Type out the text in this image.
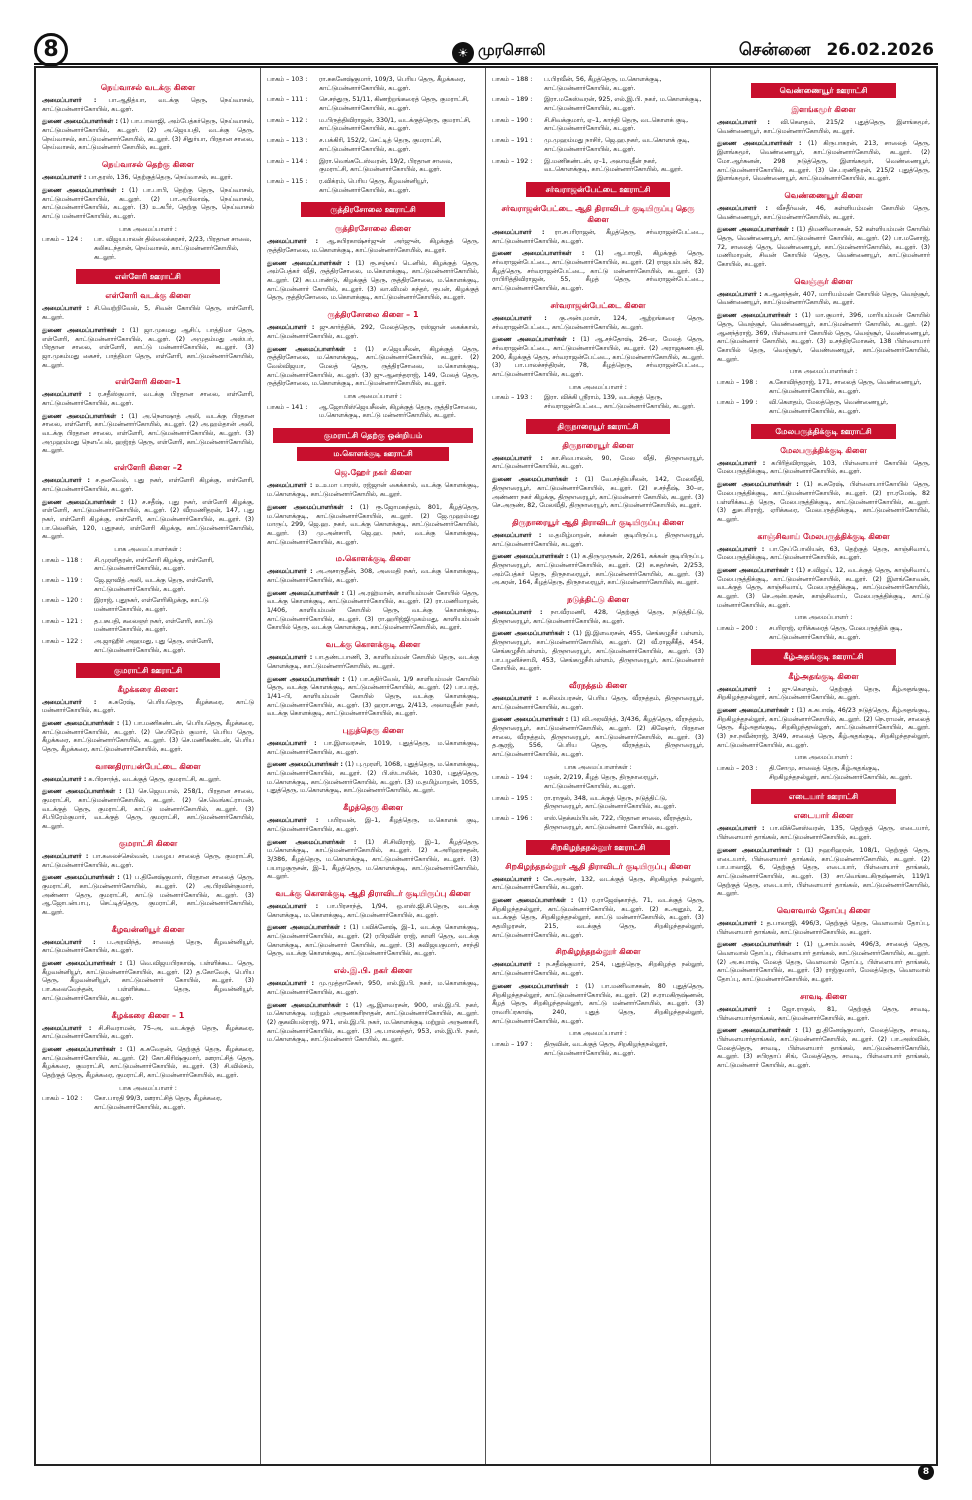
8	☀ முரசொலி	சென்னை 26.02.2026
நெய்வாசல் வடக்கு கிளை
அமைப்பாளர் : பா.ஆதித்யா, வடக்கு தெரு, நெய்வாசல், காட்டுமன்னார்கோயில், கடலூர்.
துணை அமைப்பாளர்கள் : (1) பா.பாலாஜி, அம்பேத்கர்தெரு, நெய்வாசல், காட்டுமன்னார்கோயில், கடலூர். (2) அ.ஜெயபதி, வடக்கு தெரு, நெய்வாசல், காட்டுமன்னார்கோயில், கடலூர். (3) சிதுர்யா, பிரதான சாலை, நெய்வாசல், காட்டுமன்னார் கோயில், கடலூர்.
நெய்வாசல் தெற்கு கிளை
அமைப்பாளர் : பா.தரஸ், 136, தெற்குத்தெரு, நெய்வாசல், கடலூர்.
துணை அமைப்பாளர்கள் : (1) பா.பாபி, தெற்கு தெரு, நெய்வாசல், காட்டுமன்னார்கோயில், கடலூர். (2) பா.அபிலாஷ், நெய்வாசல், காட்டுமன்னார்கோயில், கடலூர். (3) உ.கபீர், தெற்கு தெரு, நெய்வாசல் காட்டு மன்னார்கோயில், கடலூர்.
பாக அமைப்பாளர் :
பாகம் – 124 :	பா. விஜயபாலன் தில்லைக்கரசர், 2/23, பிரதான சாலை, கலிகடந்தான், நெய்வாசல், காட்டுமன்னார்கோயில், கடலூர்.
எள்ளேரி ஊராட்சி
எள்ளேரி வடக்கு கிளை
அமைப்பாளர் : சி.வெற்றிவேல், 5, சிவன் கோயில் தெரு, எள்ளேரி, கடலூர்.
துணை அமைப்பாளர்கள் : (1) ஜா.முகமது ஆசிப், பாத்திமா தெரு, எள்ளேரி, காட்டுமன்னார்கோயில், கடலூர். (2) அமுதம்மது அஸ்பர், பிரதான சாலை, எள்ளேரி, காட்டு மன்னார்கோயில், கடலூர். (3) ஜா.முகம்மது கைசர், பாத்திமா தெரு, எள்ளேரி, காட்டுமன்னார்கோயில், கடலூர்.
எள்ளேரி கிளை–1
அமைப்பாளர் : ர.சதீஸ்குமார், வடக்கு பிரதான சாலை, எள்ளேரி, காட்டுமன்னார்கோயில், கடலூர்.
துணை அமைப்பாளர்கள் : (1) அ.நௌஷாத் அலி, வடக்கு பிரதான சாலை, எள்ளேரி, காட்டுமன்னார்கோயில், கடலூர். (2) அ.ஹம்தான் அலி, வடக்கு பிரதான சாலை, எள்ளேரி, காட்டுமன்னார்கோயில், கடலூர். (3) அமுஹம்மது நௌஃபல், ஹஜ்ரத் தெரு, எள்ளேரி, காட்டுமன்னார்கோயில், கடலூர்.
எள்ளேரி கிளை –2
அமைப்பாளர் : ச.தனவேல், புது நகர், எள்ளேரி கிழக்கு, எள்ளேரி, காட்டுமன்னார்கோயில், கடலூர்.
துணை அமைப்பாளர்கள் : (1) ச.சதீஷ், புது நகர், எள்ளேரி கிழக்கு, எள்ளேரி, காட்டுமன்னார்கோயில், கடலூர். (2) வீரமணிதரன், 147, புது நகர், எள்ளேரி கிழக்கு, எள்ளேரி, காட்டுமன்னார்கோயில், கடலூர். (3) பா.லெனின், 120, புதுநகர், எள்ளேரி கிழக்கு, காட்டுமன்னார்கோயில், கடலூர்.
பாக அமைப்பாளர்கள் :
பாகம் – 118 :	சி.முரளிதரன், எள்ளேரி கிழக்கு, எள்ளேரி, காட்டுமன்னார்கோயில், கடலூர்.
பாகம் – 119 :	ஜே.ஜாவித் அலி, வடக்கு தெரு, எள்ளேரி, காட்டுமன்னார்கோயில், கடலூர்.
பாகம் – 120 :	இராஜ், புதுநகர், எள்ளேரிகிழக்கு, காட்டு மன்னார்கோயில், கடலூர்.
பாகம் – 121 :	த.பசுபதி, கலைஞர் நகர், எள்ளேரி, காட்டு மன்னார்கோயில், கடலூர்.
பாகம் – 122 :	அ.ஜாஹிர் அஹமது, புது தெரு, எள்ளேரி, காட்டுமன்னார்கோயில், கடலூர்.
குமராட்சி ஊராட்சி
கீழக்கரை கிளை:
அமைப்பாளர் : க.சுரேஷ், பெரியதெரு, கீழக்கரை, காட்டு மன்னார்கோயில், கடலூர்.
துணை அமைப்பாளர்கள் : (1) பா.மணிகண்டன், பெரியதெரு, கீழக்கரை, காட்டுமன்னார்கோயில், கடலூர். (2) செ.பிரேம் குமார், பெரிய தெரு, கீழக்கரை, காட்டுமன்னார்கோயில், கடலூர். (3) செ.மணிகண்டன், பெரிய தெரு, கீழக்கரை, காட்டுமன்னார்கோயில், கடலூர்.
வானதிராயன்பேட்டை கிளை
அமைப்பாளர் : க.பிரசாந்த், வடக்குத் தெரு, குமராட்சி, கடலூர்.
துணை அமைப்பாளர்கள் : (1) செ.ஜெயபால், 258/1, பிரதான சாலை, குமராட்சி, காட்டுமன்னார்கோயில், கடலூர். (2) செ.வெங்கட்ராமன், வடக்குத் தெரு, குமராட்சி, காட்டு மன்னார்கோயில், கடலூர். (3) சி.பிரேம்குமார், வடக்குத் தெரு, குமராட்சி, காட்டுமன்னார்கோயில், கடலூர்.
குமராட்சி கிளை
அமைப்பாளர் : பா.கலைச்செல்வன், பழைய சாலைத் தெரு, குமராட்சி, காட்டுமன்னார்கோயில், கடலூர்.
துணை அமைப்பாளர்கள் : (1) ப.தினேஷ்குமார், பிரதான சாலைத் தெரு, குமராட்சி, காட்டுமன்னார்கோயில், கடலூர். (2) அ.பிரவின்குமார், அண்ணா தெரு, குமராட்சி, காட்டு மன்னார்கோயில், கடலூர். (3) ஆ.ஜோபன்பாபு, செட்டித்தெரு, குமராட்சி, காட்டுமன்னார்கோயில், கடலூர்.
கீழவன்னியூர் கிளை
அமைப்பாளர் : ப.அரவிந்த், சாலைத் தெரு, கீழவன்னியூர், காட்டுமன்னார்கோயில், கடலூர்.
துணை அமைப்பாளர்கள் : (1) வெ.விஜயபிரகாஷ், பள்ளிக்கூட தெரு, கீழவன்னியூர், காட்டுமன்னார்கோயில், கடலூர். (2) த.கோவேந், பெரிய தெரு, கீழவன்னியூர், காட்டுமன்னார் கோயில், கடலூர். (3) பா.கலைவேந்தன், பள்ளிக்கூட தெரு, கீழவன்னியூர், காட்டுமன்னார்கோயில், கடலூர்.
கீழக்கரை கிளை – 1
அமைப்பாளர் : சி.சிவராமன், 75–அ, வடக்குத் தெரு, கீழக்கரை, காட்டுமன்னார்கோயில், கடலூர்.
துணை அமைப்பாளர்கள் : (1) க.சுவேதன், தெற்குத் தெரு, கீழக்கரை, காட்டுமன்னார்கோயில், கடலூர். (2) கோ.கிரிஷ்குமார், ஊராட்சித் தெரு, கீழக்கரை, குமராட்சி, காட்டுமன்னார்கோயில், கடலூர். (3) சி.வில்சம், தெற்குத் தெரு, கீழக்கரை, குமராட்சி, காட்டுமன்னார்கோயில், கடலூர்.
பாக அமைப்பாளர் :
பாகம் – 102 :	கோ.பாரதி 99/3, ஊராட்சித் தெரு, கீழக்கரை, காட்டுமன்னார்கோயில், கடலூர்.
பாகம் – 103 :	ரா.சுகனேஷ்குமார், 109/3, பெரிய தெரு, கீழக்கரை, காட்டுமன்னார்கோயில், கடலூர்.
பாகம் – 111 :	செ.சந்துரு, 51/11, கிணற்றங்கரைத் தெரு, குமராட்சி, காட்டுமன்னார்கோயில், கடலூர்.
பாகம் – 112 :	ம.பிருத்திவிராஜன், 330/1, வடக்குத்தெரு, குமராட்சி, காட்டுமன்னார்கோயில், கடலூர்.
பாகம் – 113 :	ச.பக்கிரி, 152/2, செட்டித் தெரு, குமராட்சி, காட்டுமன்னார்கோயில், கடலூர்.
பாகம் – 114 :	இரா.வெங்கடேஸ்வரன், 19/2, பிரதான சாலை, குமராட்சி, காட்டுமன்னார்கோயில், கடலூர்.
பாகம் – 115 :	ர.விக்ரம், பெரிய தெரு, கீழவன்னியூர், காட்டுமன்னார்கோயில், கடலூர்.
ருத்திரசோலை ஊராட்சி
ருத்திரசோலை கிளை
அமைப்பாளர் : ஆ.சுபிரகாஷ்சர்ஜுன் அர்ஜுன், கிழக்குத் தெரு, ருத்திரசோலை, ம.கொளக்குடி, காட்டுமன்னார்கோயில், கடலூர்.
துணை அமைப்பாளர்கள் : (1) ரூ.சஞ்சய் டெனில், கிழக்குத் தெரு, அம்பேத்கர் வீதி, ருத்திரசோலை, ம.கொளக்குடி, காட்டுமன்னார்கோயில், கடலூர். (2) சுப.பாண்டு, கிழக்குத் தெரு, ருத்திரசோலை, ம.கொளக்குடி, காட்டுமன்னார் கோயில், கடலூர். (3) லா.விமல் சுந்தர், ரூபன், கிழக்குத் தெரு, ருத்திரசோலை, ம.கொளக்குடி, காட்டுமன்னார்கோயில், கடலூர்.
ருத்திரசோலை கிளை – 1
அமைப்பாளர் : ஜு.கார்த்திக், 292, மேலத்தெரு, ரஸ்ஜான் கைக்கால், காட்டுமன்னார்கோயில், கடலூர்.
துணை அமைப்பாளர்கள் : (1) ச.ஜெயசீலன், கிழக்குத் தெரு, ருத்திரசோலை, ம.கொளக்குடி, காட்டுமன்னார்கோயில், கடலூர். (2) வேல்விஜயா, மேலத் தெரு, ருத்திரசோலை, ம.கொளக்குடி, காட்டுமன்னார்கோயில், கடலூர். (3) ஜு.ஆனந்தராஜ், 149, மேலத் தெரு, ருத்திரசோலை, ம.கொளக்குடி, காட்டுமன்னார்கோயில், கடலூர்.
பாக அமைப்பாளர் :
பாகம் – 141 :	ஆ.ஜோயிஸ்ஜெயசீலன், கிழக்குத் தெரு, ருத்திரசோலை, ம.கொளக்குடி, காட்டு மன்னார்கோயில், கடலூர்.
குமராட்சி தெற்கு ஒன்றியம்
ம.கொளக்குடி ஊராட்சி
ஜெ.ஹேர் நகர் கிளை
அமைப்பாளர் : உ.உமா பாரஸ், ரஜ்ஜான் கைக்கால், வடக்கு கொளக்குடி, ம.கொளக்குடி, காட்டுமன்னார்கோயில், கடலூர்.
துணை அமைப்பாளர்கள் : (1) ரூ.ஜோமகந்தம், 801, கீழத்தெரு, ம.கொளக்குடி, காட்டுமன்னார்கோயில், கடலூர். (2) ஜே.முஹம்மது மாருப், 299, ஜெ.ஹ. நகர், வடக்கு கொளக்குடி, காட்டுமன்னார்கோயில், கடலூர். (3) மு.அன்சாரி, ஜெ.ஹ. நகர், வடக்கு கொளக்குடி, காட்டுமன்னார்கோயில், கடலூர்.
ம.கொளக்குடி கிளை
அமைப்பாளர் : அ.அசாருதீன், 308, அமைதி நகர், வடக்கு கொளக்குடி, காட்டுமன்னார்கோயில், கடலூர்.
துணை அமைப்பாளர்கள் : (1) அ.ரஹ்மான், காளியம்மன் கோயில் தெரு, வடக்கு கொளக்குடி, காட்டுமன்னார்கோயில், கடலூர். (2) ரா.மணிமாறன், 1/406, காளியம்மன் கோயில் தெரு, வடக்கு கொளக்குடி, காட்டுமன்னார்கோயில், கடலூர். (3) ரா.ஹரிஜ்ஜிமுகம்மது, காளியம்மன் கோயில் தெரு, வடக்கு கொளக்குடி, காட்டுமன்னார்கோயில், கடலூர்.
வடக்கு கொளக்குடி கிளை
அமைப்பாளர் : பா.தண்டபாணி, 3, காளியம்மன் கோயில் தெரு, வடக்கு கொளக்குடி, காட்டுமன்னார்கோயில், கடலூர்.
துணை அமைப்பாளர்கள் : (1) பா.கதிர்வேல், 1/9 காளியம்மன் கோயில் தெரு, வடக்கு கொளக்குடி, காட்டுமன்னார்கோயில், கடலூர். (2) பா.பரத், 1/41–பி, காளியம்மன் கோயில் தெரு, வடக்கு கொளக்குடி, காட்டுமன்னார்கோயில், கடலூர். (3) ஹரா.சாது, 2/413, அலாவுதீன் நகர், வடக்கு கொளக்குடி, காட்டுமன்னார்கோயில், கடலூர்.
புதுத்தெரு கிளை
அமைப்பாளர் : பா.இளவரசன், 1019, புதுத்தெரு, ம.கொளக்குடி, காட்டுமன்னார்கோயில், கடலூர்.
துணை அமைப்பாளர்கள் : (1) பு.முரளி, 1068, புதுத்தெரு, ம.கொளக்குடி, காட்டுமன்னார்கோயில், கடலூர். (2) பி.ஸ்டாலின், 1030, புதுத்தெரு, ம.கொளக்குடி, காட்டுமன்னார்கோயில், கடலூர். (3) ம.தமிழ்மாறன், 1055, புதுத்தெரு, ம.கொளக்குடி, காட்டுமன்னார்கோயில், கடலூர்.
கீழத்தெரு கிளை
அமைப்பாளர் : பயிரவன், இ–1, கீழத்தெரு, ம.கொளக் குடி, காட்டுமன்னார்கோயில், கடலூர்.
துணை அமைப்பாளர்கள் : (1) சி.சிவிராஜ், இ–1, கீழத்தெரு, ம.கொளக்குடி, காட்டுமன்னார்கோயில், கடலூர். (2) க.அரிஹரசுதன், 3/386, கீழத்தெரு, ம.கொளக்குடி, காட்டுமன்னார்கோயில், கடலூர். (3) பயாழகுருசன், இ–1, கீழத்தெரு, ம.கொளக்குடி, காட்டுமன்னார்கோயில், கடலூர்.
வடக்கு கொளக்குடி ஆதி திராவிடர் குடியிருப்பு கிளை
அமைப்பாளர் : பா.பிரசாந்த், 1/94, ஒ.எஸ்.ஜி.சி.தெரு, வடக்கு கொளக்குடி, ம.கொளக்குடி, காட்டுமன்னார்கோயில், கடலூர்.
துணை அமைப்பாளர்கள் : (1) பவிக்னேஷ், இ–1, வடக்கு கொளக்குடி, காட்டுமன்னார்கோயில், கடலூர். (2) ரபிரவின் ராஜ், காளி தெரு, வடக்கு கொளக்குடி, காட்டுமன்னார் கோயில், கடலூர். (3) கவிஜயகுமார், சாந்தி தெரு, வடக்கு கொளக்குடி, காட்டுமன்னார்கோயில், கடலூர்.
எல்.இ.பி. நகர் கிளை
அமைப்பாளர் : மு.முத்தாசேகர், 950, எல்.இ.பி. நகர், ம.கொளக்குடி, காட்டுமன்னார்கோயில், கடலூர்.
துணை அமைப்பாளர்கள் : (1) ஆ.இளவரசன், 900, எல்.இ.பி. நகர், ம.கொளக்குடி மற்றும் அருணகரிநாதன், காட்டுமன்னார்கோயில், கடலூர். (2) குகவியல்ராஜ், 971, எல்.இ.பி. நகர், ம.கொளக்குடி மற்றும் அருணகரி, காட்டுமன்னார்கோயில், கடலூர். (3) அ.பாலசுந்தர், 953, எல்.இ.பி. நகர், ம.கொளக்குடி, காட்டுமன்னார் கோயில், கடலூர்.
பாகம் – 188 :	ப.பிரவீன், 56, கீழத்தெரு, ம.கொளக்குடி, காட்டுமன்னார்கோயில், கடலூர்.
பாகம் – 189 :	இரா.மகேஸ்வரன், 925, எல்.இ.பி. நகர், ம.கொளக்குடி, காட்டுமன்னார்கோயில், கடலூர்.
பாகம் – 190 :	சி.சிவக்குமார், ஏ–1, காந்தி தெரு, வடகொளக் குடி, காட்டுமன்னார்கோயில், கடலூர்.
பாகம் – 191 :	மு.முஹம்மது நாசிர், ஜெ.ஹ.நகர், வடகொளக் குடி, காட்டுமன்னார்கோயில், கடலூர்.
பாகம் – 192 :	இ.மணிகண்டன், ஏ–1, அலாவுதீன் நகர், வடகொளக்குடி, காட்டுமன்னார்கோயில், கடலூர்.
சர்வராஜன்பேட்டை ஊராட்சி
சர்வராஜன்பேட்டை ஆதி திராவிடர் குடியிருப்பு தெரு கிளை
அமைப்பாளர் : ரா.சபரிராஜன், கீழத்தெரு, சர்வராஜன்பேட்டை, காட்டுமன்னார்கோயில், கடலூர்.
துணை அமைப்பாளர்கள் : (1) ஆ.பாரதி, கிழக்குத் தெரு, சர்வராஜன்பேட்டை, காட்டுமன்னார்கோயில், கடலூர். (2) ராஜயம்பன், 82, கீழத்தெரு, சர்வராஜன்பேட்டை, காட்டு மன்னார்கோயில், கடலூர். (3) ராபிரித்திவிராஜன், 55, கீழத் தெரு, சர்வராஜன்பேட்டை, காட்டுமன்னார்கோயில், கடலூர்.
சர்வராஜன்பேட்டை கிளை
அமைப்பாளர் : கு.அன்புமாள், 124, ஆற்றங்கரை தெரு, சர்வராஜன்பேட்டை, காட்டுமன்னார்கோயில், கடலூர்.
துணை அமைப்பாளர்கள் : (1) ஆ.சந்தோஷ், 26–எ, மேலத் தெரு, சர்வராஜன்பேட்டை, காட்டுமன்னார்கோயில், கடலூர். (2) அராஜகணபதி, 200, கீழக்குத் தெரு, சர்வராஜன்பேட்டை, காட்டுமன்னார்கோயில், கடலூர். (3) பா.பாலச்சந்திரன், 78, கீழத்தெரு, சர்வராஜன்பேட்டை, காட்டுமன்னார்கோயில், கடலூர்.
பாக அமைப்பாளர் :
பாகம் – 193 :	இரா. விக்கி ஸ்ரீராம், 139, வடக்குத் தெரு, சர்வராஜன்பேட்டை, காட்டுமன்னார்கோயில், கடலூர்.
திருநாரையூர் ஊராட்சி
திருநாரையூர் கிளை
அமைப்பாளர் : கா.சிவபாலன், 90, மேல வீதி, திருநாரையூர், காட்டுமன்னார்கோயில், கடலூர்.
துணை அமைப்பாளர்கள் : (1) வே.சந்தியசீலன், 142, மேலவீதி, திருநாரையூர், காட்டுமன்னார்கோயில், கடலூர். (2) ச.சந்தீஷ், 30–எ, அண்ணா நகர் கிழக்கு, திருநாரையூர், காட்டுமன்னார் கோயில், கடலூர். (3) செ.அருண், 82, மேலவீதி, திருநாரையூர், காட்டுமன்னார்கோயில், கடலூர்.
திருநாரையூர் ஆதி திராவிடர் குடியிருப்பு கிளை
அமைப்பாளர் : ம.தமிழ்மாறன், கக்கன் குடியிருப்பு, திருநாரையூர், காட்டுமன்னார்கோயில், கடலூர்.
துணை அமைப்பாளர்கள் : (1) க.திருமுருகன், 2/261, கக்கன் குடியிருப்பு, திருநாரையூர், காட்டுமன்னார்கோயில், கடலூர். (2) க.சுதர்சன், 2/253, அம்பேத்கர் தெரு, திருநாரையூர், காட்டுமன்னார்கோயில், கடலூர். (3) அ.கரன், 164, கீழத்தெரு, திருநாரையூர், காட்டுமன்னார்கோயில், கடலூர்.
நடுத்திட்டு கிளை
அமைப்பாளர் : நா.வீரமணி, 428, தெற்குத் தெரு, நடுத்திட்டு, திருநாரையூர், காட்டுமன்னார்கோயில், கடலூர்.
துணை அமைப்பாளர்கள் : (1) இ.இளவரசன், 455, செங்கழுநீர் பள்ளம், திருநாரையூர், காட்டுமன்னார்கோயில், கடலூர். (2) வீ.ராஜசீகீத், 454, செங்கழுநீர்பள்ளம், திருநாரையூர், காட்டுமன்னார்கோயில், கடலூர். (3) பா.பழனிச்சாமி, 453, செங்கழுநீர்பள்ளம், திருநாரையூர், காட்டுமன்னார் கோயில், கடலூர்.
வீரநத்தம் கிளை
அமைப்பாளர் : க.சிலம்பரசன், பெரிய தெரு, வீரநத்தம், திருநாரையூர், காட்டுமன்னார்கோயில், கடலூர்.
துணை அமைப்பாளர்கள் : (1) வி.அரவிந்த், 3/436, கீழத்தெரு, வீரநத்தம், திருநாரையூர், காட்டுமன்னார்கோயில், கடலூர். (2) கிஷோர், பிரதான சாலை, வீரநத்தம், திருநாரையூர், காட்டுமன்னார்கோயில், கடலூர். (3) த.சூரஜ், 556, பெரிய தெரு, வீரநத்தம், திருநாரையூர், காட்டுமன்னார்கோயில், கடலூர்.
பாக அமைப்பாளர்கள் :
பாகம் – 194 :	மதன், 2/219, கீழத் தெரு, திருநாரையூர், காட்டுமன்னார்கோயில், கடலூர்.
பாகம் – 195 :	ரா.ராகுல், 348, வடக்குத் தெரு, நடுத்திட்டு, திருநாரையூர், காட்டுமன்னார்கோயில், கடலூர்.
பாகம் – 196 :	எஸ்.தெக்கம்பியன், 722, பிரதான சாலை, வீரநத்தம், திருநாரையூர், காட்டுமன்னார் கோயில், கடலூர்.
சிறகிழந்தநல்லூர் ஊராட்சி
சிறகிழந்தநல்லூர் ஆதி திராவிடர் குடியிருப்பு கிளை
அமைப்பாளர் : கே.அருண், 132, வடக்குத் தெரு, சிறகிழந்த நல்லூர், காட்டுமன்னார்கோயில், கடலூர்.
துணை அமைப்பாளர்கள் : (1) ர.ராஜேஷ்காந்த், 71, வடக்குத் தெரு, சிறகிழந்தநல்லூர், காட்டுமன்னார்கோயில், கடலூர். (2) க.அனும், 2, வடக்குத் தெரு, சிறகிழந்தநல்லூர், காட்டு மன்னார்கோயில், கடலூர். (3) சுதமிழரசன், 215, வடக்குத் தெரு, சிறகிழந்தநல்லூர், காட்டுமன்னார்கோயில், கடலூர்.
சிறகிழந்தநல்லூர் கிளை
அமைப்பாளர் : ந.சதீஷ்குமார், 254, புதுத்தெரு, சிறகிழந்த நல்லூர், காட்டுமன்னார்கோயில், கடலூர்.
துணை அமைப்பாளர்கள் : (1) பா.மணிவாசகன், 80 புதுத்தெரு, சிறகிழந்தநல்லூர், காட்டுமன்னார்கோயில், கடலூர். (2) ச.ராமகிருஷ்ணன், கீழத் தெரு, சிறகிழந்தநல்லூர், காட்டு மன்னார்கோயில், கடலூர். (3) ராவரிப்ரகாஷ், 240, புதுத் தெரு, சிறகிழந்தநல்லூர், காட்டுமன்னார்கோயில், கடலூர்.
பாக அமைப்பாளர் :
பாகம் – 197 :	திருவின், வடக்குத் தெரு, சிறகிழந்தநல்லூர், காட்டுமன்னார்கோயில், கடலூர்.
வெண்ணையூர் ஊராட்சி
இளங்கமூர் கிளை
அமைப்பாளர் : வி.கௌதம், 215/2 புதுத்தெரு, இளங்கமூர், வெண்ணையூர், காட்டுமன்னார்கோயில், கடலூர்.
துணை அமைப்பாளர்கள் : (1) கிருபாகரன், 213, சாலைத் தெரு, இளங்கமூர், வெண்ணையூர், காட்டுமன்னார்கோயில், கடலூர். (2) மோ.ஆர்சுனன், 298 நடுத்தெரு, இளங்கமூர், வெண்ணையூர், காட்டுமன்னார்கோயில், கடலூர். (3) செ.பரணிதரன், 215/2 புதுத்தெரு, இளங்கமூர், வெண்ணையூர், காட்டுமன்னார்கோயில், கடலூர்.
வெண்ணையூர் கிளை
அமைப்பாளர் : வீசதீர்வன், 46, கள்ளியம்மன் கோயில் தெரு, வெண்ணையூர், காட்டுமன்னார்கோயில், கடலூர்.
துணை அமைப்பாளர்கள் : (1) திமணிவாசகன், 52 கள்ளியம்மன் கோயில் தெரு, வெண்ணையூர், காட்டுமன்னார் கோயில், கடலூர். (2) பா.மனோஜ், 72, சாலைத் தெரு, வெண்ணையூர், காட்டுமன்னார்கோயில், கடலூர். (3) மணிமாறன், சிவன் கோயில் தெரு, வெண்ணையூர், காட்டுமன்னார் கோயில், கடலூர்.
வெஞ்சூர் கிளை
அமைப்பாளர் : க.ஆனந்தன், 407, மாரியம்மன் கோயில் தெரு, வெஞ்சூர், வெண்ணையூர், காட்டுமன்னார்கோயில், கடலூர்.
துணை அமைப்பாளர்கள் : (1) மா.குமார், 396, மாரியம்மன் கோயில் தெரு, வெஞ்சூர், வெண்ணையூர், காட்டுமன்னார் கோயில், கடலூர். (2) ஆனந்த்ராஜ், 369, பிள்ளையார் கோயில் தெரு, வெஞ்சூர், வெண்ணையூர், காட்டுமன்னார் கோயில், கடலூர். (3) உசந்திரமோகன், 138 பிள்ளையார் கோயில் தெரு, வெஞ்சூர், வெண்ணையூர், காட்டுமன்னார்கோயில், கடலூர்.
பாக அமைப்பாளர்கள் :
பாகம் – 198 :	க.கோவிந்தராஜ், 171, சாலைத் தெரு, வெண்ணையூர், காட்டுமன்னார்கோயில், கடலூர்.
பாகம் – 199 :	வி.கௌதம், மேலத்தெரு, வெண்ணையூர், காட்டுமன்னார்கோயில், கடலூர்.
மேலபருத்திக்குடி ஊராட்சி
மேலபருத்திக்குடி கிளை
அமைப்பாளர் : கபிரித்விராஜன், 103, பிள்ளையார் கோயில் தெரு, மேலபருத்திக்குடி, காட்டுமன்னார்கோயில், கடலூர்.
துணை அமைப்பாளர்கள் : (1) க.சுரேஷ், பிள்ளையார்கோயில் தெரு, மேலபருத்திக்குடி, காட்டுமன்னார்கோயில், கடலூர். (2) ரா.ரமேஷ், 82 பள்ளிக்கூடத் தெரு, மேலபருத்திக்குடி, காட்டுமன்னார்கோயில், கடலூர். (3) துசபரிராஜ், ஏரிக்கரை, மேலபருத்திக்குடி, காட்டுமன்னார்கோயில், கடலூர்.
காஞ்சிவாய் மேலபருத்திக்குடி கிளை
அமைப்பாளர் : பா.நேப்போலியன், 63, தெற்குத் தெரு, காஞ்சிவாய், மேலபருத்திக்குடி, காட்டுமன்னார்கோயில், கடலூர்.
துணை அமைப்பாளர்கள் : (1) ச.விஜய், 12, வடக்குத் தெரு, காஞ்சிவாய், மேலபருத்திக்குடி, காட்டுமன்னார்கோயில், கடலூர். (2) இளங்கோவன், வடக்குத் தெரு, காஞ்சிவாய், மேலபருத்திக்குடி, காட்டுமன்னார்கோயில், கடலூர். (3) செ.அன்பரசன், காஞ்சிவாய், மேலபருத்திக்குடி, காட்டு மன்னார்கோயில், கடலூர்.
பாக அமைப்பாளர் :
பாகம் – 200 :	சபரிராஜ், ஏரிக்கரைத் தெரு, மேலபருத்திக் குடி, காட்டுமன்னார்கோயில், கடலூர்.
கீழ்அதங்குடி ஊராட்சி
கீழ்அதங்குடி கிளை
அமைப்பாளர் : ஜு.கௌதம், தெற்குத் தெரு, கீழ்அதங்குடி, சிறகிழந்தநல்லூர், காட்டுமன்னார்கோயில், கடலூர்.
துணை அமைப்பாளர்கள் : (1) க.சுபாஷ், 46/23 நடுத்தெரு, கீழ்அதங்குடி, சிறகிழந்தநல்லூர், காட்டுமன்னார்கோயில், கடலூர். (2) நெ.ராமன், சாலைத் தெரு, கீழ்அதங்குடி, சிறகிழந்தநல்லூர், காட்டுமன்னார்கோயில், கடலூர். (3) நா.நவீன்ராஜ், 3/49, சாலைத் தெரு, கீழ்அதங்குடி, சிறகிழந்தநல்லூர், காட்டுமன்னார்கோயில், கடலூர்.
பாக அமைப்பாளர் :
பாகம் – 203 :	தி.சோமு, சாலைத் தெரு, கீழ்அதங்குடி, சிறகிழந்தநல்லூர், காட்டுமன்னார்கோயில், கடலூர்.
எடையார் ஊராட்சி
எடையார் கிளை
அமைப்பாளர் : பா.விக்னேஸ்வரன், 135, தெற்குத் தெரு, எடையார், பிள்ளையார் தாங்கல், காட்டுமன்னார்கோயில், கடலூர்.
துணை அமைப்பாளர்கள் : (1) நஹரிஹரன், 108/1, தெற்குத் தெரு, எடையார், பிள்ளையார் தாங்கல், காட்டுமன்னார்கோயில், கடலூர். (2) பா.பாலாஜி, 6, தெற்குத் தெரு, எடையார், பிள்ளையார் தாங்கல், காட்டுமன்னார்கோயில், கடலூர். (3) சா.வெங்கடகிருஷ்ணன், 119/1 தெற்குத் தெரு, எடையார், பிள்ளையார் தாங்கல், காட்டுமன்னார்கோயில், கடலூர்.
வெளவால் தோப்பு கிளை
அமைப்பாளர் : த.பாலாஜி, 496/3, தெற்குத் தெரு, வெளவால் தோப்பு, பிள்ளையார் தாங்கல், காட்டுமன்னார்கோயில், கடலூர்.
துணை அமைப்பாளர்கள் : (1) பூ.சாம்பவன், 496/3, சாலைத் தெரு, வெளவால் தோப்பு, பிள்ளையார் தாங்கல், காட்டுமன்னார்கோயில், கடலூர். (2) அ.சுபாஷ், மேலத் தெரு, வெளவால் தோப்பு, பிள்ளையார் தாங்கல், காட்டுமன்னார்கோயில், கடலூர். (3) ராஜ்குமார், மேலத்தெரு, வெளவால் தோப்பு, காட்டுமன்னார்கோயில், கடலூர்.
சாவடி கிளை
அமைப்பாளர் : ஜோ.ராகுல், 81, தெற்குத் தெரு, சாவடி, பிள்ளையார்தாங்கல், காட்டுமன்னார்கோயில், கடலூர்.
துணை அமைப்பாளர்கள் : (1) து.தினேஷ்குமார், மேலத்தெரு, சாவடி, பிள்ளையார்தாங்கல், காட்டுமன்னார்கோயில், கடலூர். (2) பா.அஸ்வின், மேலத்தெரு, சாவடி, பிள்ளையார் தாங்கல், காட்டுமன்னார்கோயில், கடலூர். (3) சபிரதாப் சிங், மேலத்தெரு, சாவடி, பிள்ளையார் தாங்கல், காட்டுமன்னார் கோயில், கடலூர்.
8
